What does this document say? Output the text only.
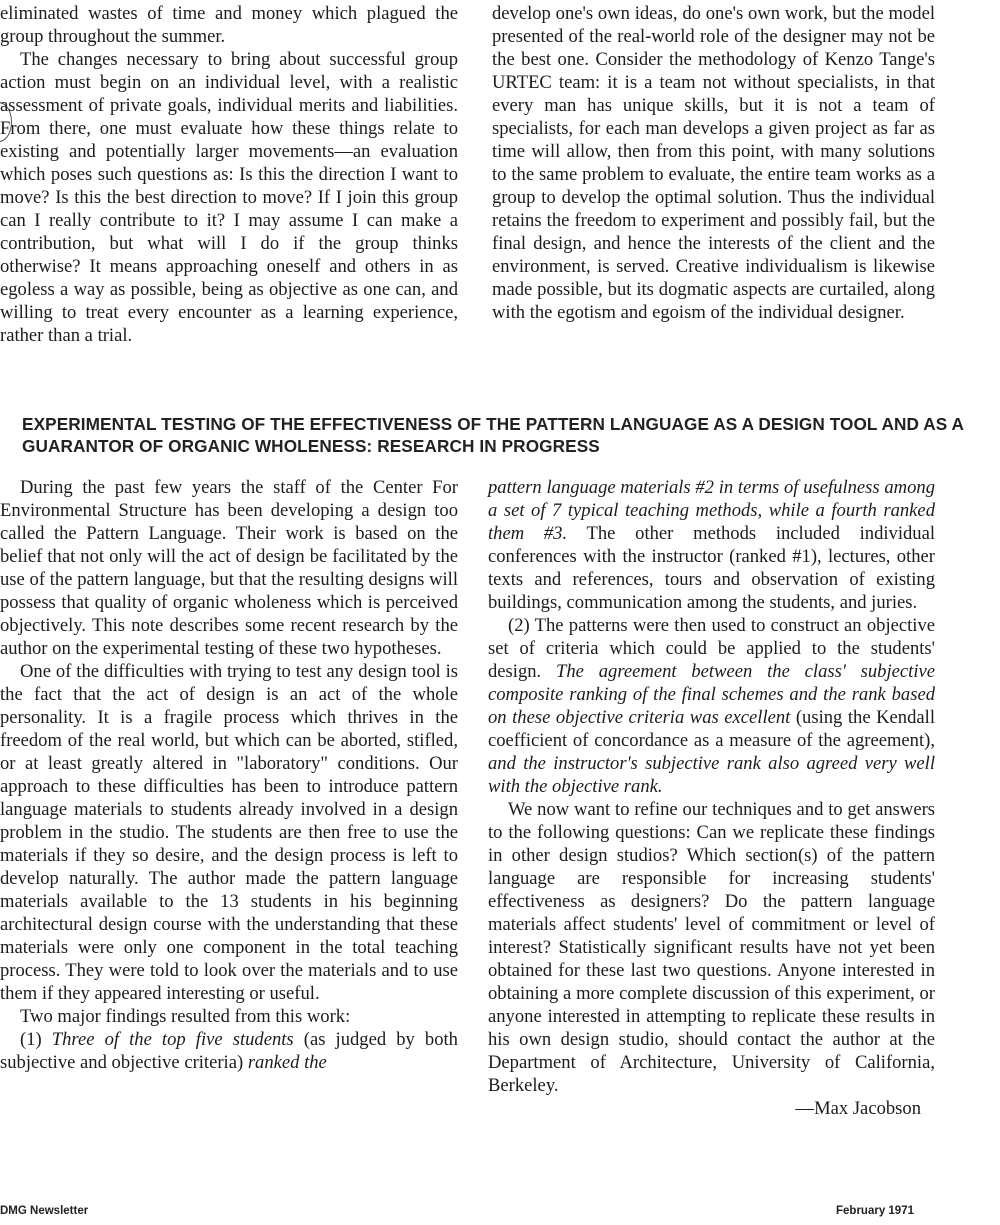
eliminated wastes of time and money which plagued the group throughout the summer.

The changes necessary to bring about successful group action must begin on an individual level, with a realistic assessment of private goals, individual merits and liabilities. From there, one must evaluate how these things relate to existing and potentially larger movements—an evaluation which poses such questions as: Is this the direction I want to move? Is this the best direction to move? If I join this group can I really contribute to it? I may assume I can make a contribution, but what will I do if the group thinks otherwise? It means approaching oneself and others in as egoless a way as possible, being as objective as one can, and willing to treat every encounter as a learning experience, rather than a trial.

develop one's own ideas, do one's own work, but the model presented of the real-world role of the designer may not be the best one. Consider the methodology of Kenzo Tange's URTEC team: it is a team not without specialists, in that every man has unique skills, but it is not a team of specialists, for each man develops a given project as far as time will allow, then from this point, with many solutions to the same problem to evaluate, the entire team works as a group to develop the optimal solution. Thus the individual retains the freedom to experiment and possibly fail, but the final design, and hence the interests of the client and the environment, is served. Creative individualism is likewise made possible, but its dogmatic aspects are curtailed, along with the egotism and egoism of the individual designer.

EXPERIMENTAL TESTING OF THE EFFECTIVENESS OF THE PATTERN LANGUAGE AS A DESIGN TOOL AND AS A GUARANTOR OF ORGANIC WHOLENESS: RESEARCH IN PROGRESS

During the past few years the staff of the Center For Environmental Structure has been developing a design too called the Pattern Language. Their work is based on the belief that not only will the act of design be facilitated by the use of the pattern language, but that the resulting designs will possess that quality of organic wholeness which is perceived objectively. This note describes some recent research by the author on the experimental testing of these two hypotheses.

One of the difficulties with trying to test any design tool is the fact that the act of design is an act of the whole personality. It is a fragile process which thrives in the freedom of the real world, but which can be aborted, stifled, or at least greatly altered in "laboratory" conditions. Our approach to these difficulties has been to introduce pattern language materials to students already involved in a design problem in the studio. The students are then free to use the materials if they so desire, and the design process is left to develop naturally. The author made the pattern language materials available to the 13 students in his beginning architectural design course with the understanding that these materials were only one component in the total teaching process. They were told to look over the materials and to use them if they appeared interesting or useful.

Two major findings resulted from this work:

(1) Three of the top five students (as judged by both subjective and objective criteria) ranked the

pattern language materials #2 in terms of usefulness among a set of 7 typical teaching methods, while a fourth ranked them #3. The other methods included individual conferences with the instructor (ranked #1), lectures, other texts and references, tours and observation of existing buildings, communication among the students, and juries.

(2) The patterns were then used to construct an objective set of criteria which could be applied to the students' design. The agreement between the class' subjective composite ranking of the final schemes and the rank based on these objective criteria was excellent (using the Kendall coefficient of concordance as a measure of the agreement), and the instructor's subjective rank also agreed very well with the objective rank.

We now want to refine our techniques and to get answers to the following questions: Can we replicate these findings in other design studios? Which section(s) of the pattern language are responsible for increasing students' effectiveness as designers? Do the pattern language materials affect students' level of commitment or level of interest? Statistically significant results have not yet been obtained for these last two questions. Anyone interested in obtaining a more complete discussion of this experiment, or anyone interested in attempting to replicate these results in his own design studio, should contact the author at the Department of Architecture, University of California, Berkeley.

—Max Jacobson

DMG Newsletter	February 1971
